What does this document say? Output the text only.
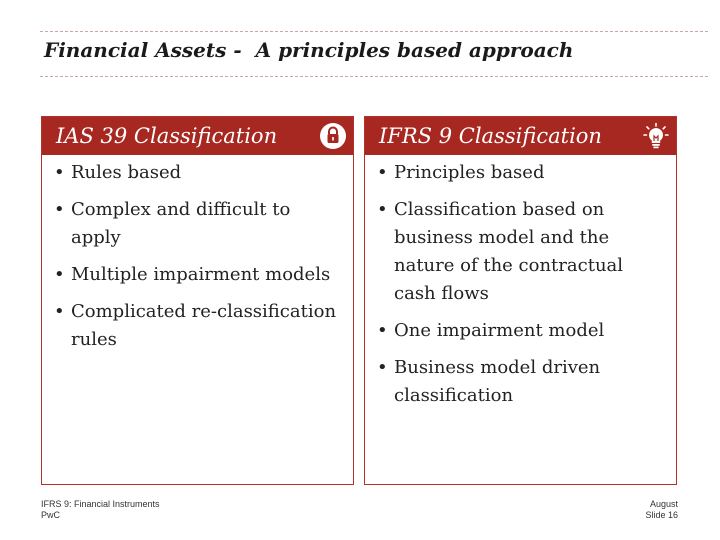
Financial Assets -  A principles based approach
IAS 39 Classification
• Rules based
• Complex and difficult to apply
• Multiple impairment models
• Complicated re-classification rules
IFRS 9 Classification
• Principles based
• Classification based on business model and the nature of the contractual cash flows
• One impairment model
• Business model driven classification
IFRS 9: Financial Instruments
PwC
August
Slide 16
